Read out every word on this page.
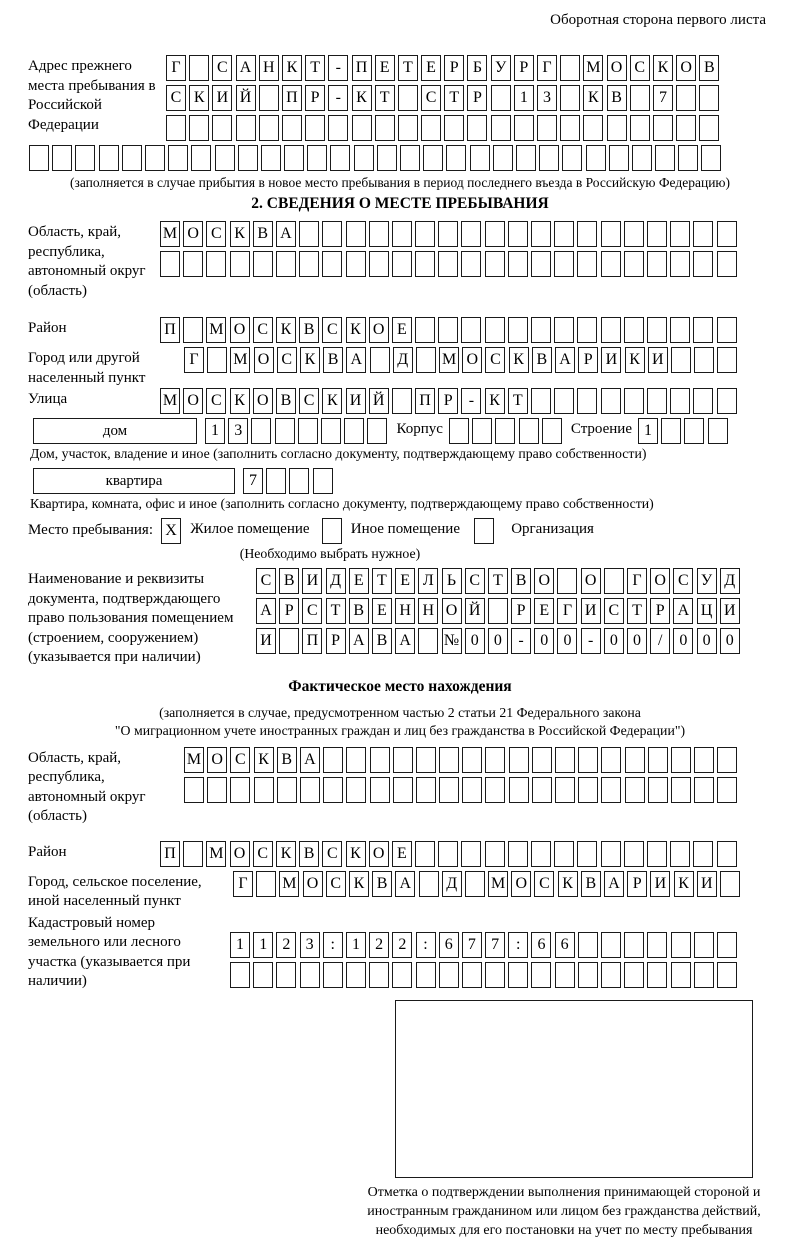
Оборотная сторона первого листа
Адрес прежнего места пребывания в Российской Федерации
Г	С А Н К Т - П Е Т Е Р Б У Р Г	М О С К О В
С К И Й П Р	- К Т	С Т Р	1 3	К В	7
(заполняется в случае прибытия в новое место пребывания в период последнего въезда в Российскую Федерацию)
2. СВЕДЕНИЯ О МЕСТЕ ПРЕБЫВАНИЯ
Область, край, республика, автономный округ (область)
М О С К В А
Район	П М О С К В С К О Е
Город или другой населенный пункт
Г	М О С К В А Д М О С К В А Р И К И
Улица	М О С К О В С К И Й П Р	- К Т
дом	1 3	Корпус	Строение 1
Дом, участок, владение и иное (заполнить согласно документу, подтверждающему право собственности)
квартира	7
Квартира, комната, офис и иное (заполнить согласно документу, подтверждающему право собственности)
Место пребывания: X Жилое помещение	Иное помещение	Организация
(Необходимо выбрать нужное)
Наименование и реквизиты документа, подтверждающего право пользования помещением (строением, сооружением) (указывается при наличии)
С В И Д Е Т Е Л Ь С Т В О О	Г О С У Д
А Р С Т В Е Н Н О Й	Р Е Г И С Т Р А Ц И
И П Р А В А № 0 0	-	0 0	-	0 0	/	0 0 0
Фактическое место нахождения
(заполняется в случае, предусмотренном частью 2 статьи 21 Федерального закона
"О миграционном учете иностранных граждан и лиц без гражданства в Российской Федерации")
Область, край, республика, автономный округ (область)
М О С К В А
Район	П М О С К В С К О Е
Город, сельское поселение, иной населенный пункт
Г	М О С К В А Д М О С К В А Р И К И
Кадастровый номер земельного или лесного участка (указывается при наличии)
1 1 2 3	:	1 2 2	:	6 7 7	:	6 6
Отметка о подтверждении выполнения принимающей стороной и иностранным гражданином или лицом без гражданства действий, необходимых для его постановки на учет по месту пребывания
